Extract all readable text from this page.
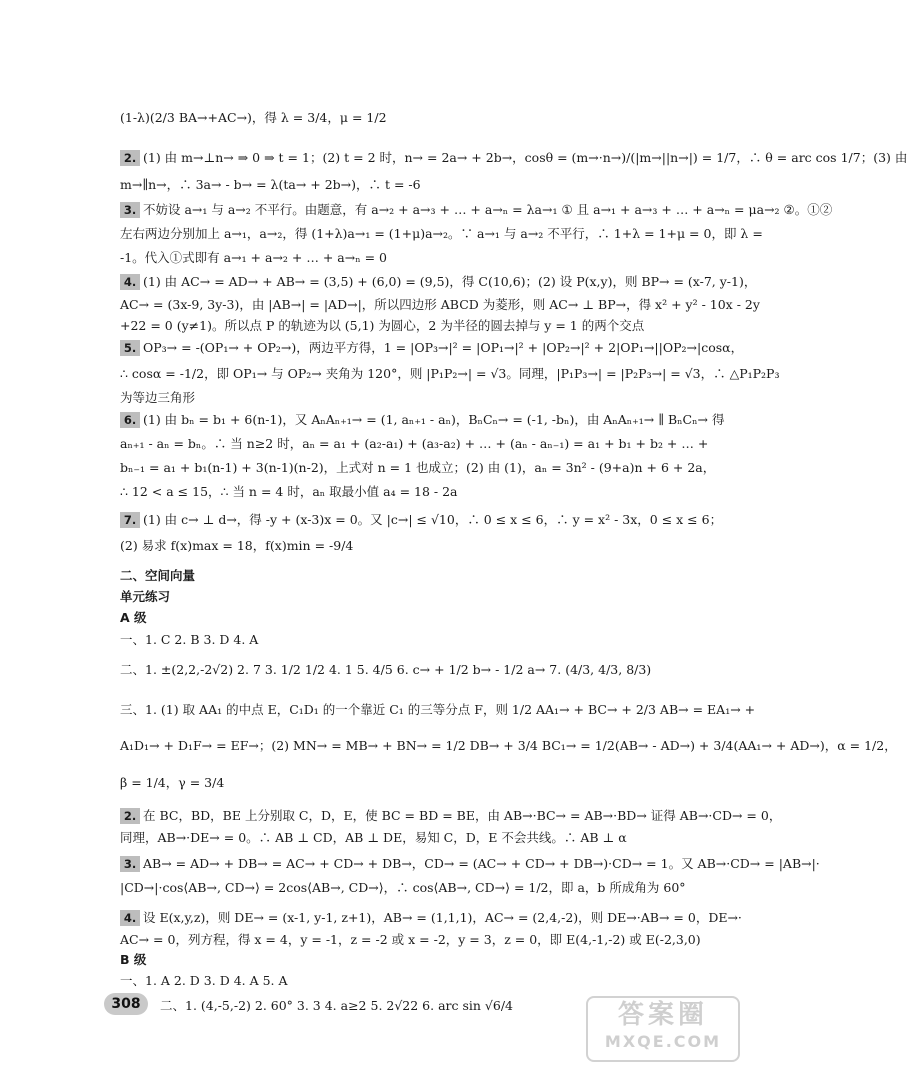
(1-λ)(2/3 BA→+AC→)，得 λ = 3/4，μ = 1/2
2. (1) 由 m→⊥n→ ⇒ 0 ⇒ t = 1；(2) t = 2 时，n→ = 2a→ + 2b→，cosθ = (m→·n→)/(|m→||n→|) = 1/7，∴ θ = arc cos 1/7；(3) 由
m→∥n→，∴ 3a→ - b→ = λ(ta→ + 2b→)，∴ t = -6
3. 不妨设 a→₁ 与 a→₂ 不平行。由题意，有 a→₂ + a→₃ + … + a→ₙ = λa→₁ ① 且 a→₁ + a→₃ + … + a→ₙ = μa→₂ ②。①②
左右两边分别加上 a→₁，a→₂，得 (1+λ)a→₁ = (1+μ)a→₂。∵ a→₁ 与 a→₂ 不平行，∴ 1+λ = 1+μ = 0，即 λ =
-1。代入①式即有 a→₁ + a→₂ + … + a→ₙ = 0
4. (1) 由 AC→ = AD→ + AB→ = (3,5) + (6,0) = (9,5)，得 C(10,6)；(2) 设 P(x,y)，则 BP→ = (x-7, y-1)，
AC→ = (3x-9, 3y-3)，由 |AB→| = |AD→|，所以四边形 ABCD 为菱形，则 AC→ ⊥ BP→，得 x² + y² - 10x - 2y
+22 = 0 (y≠1)。所以点 P 的轨迹为以 (5,1) 为圆心，2 为半径的圆去掉与 y = 1 的两个交点
5. OP₃→ = -(OP₁→ + OP₂→)，两边平方得，1 = |OP₃→|² = |OP₁→|² + |OP₂→|² + 2|OP₁→||OP₂→|cosα，
∴ cosα = -1/2，即 OP₁→ 与 OP₂→ 夹角为 120°，则 |P₁P₂→| = √3。同理，|P₁P₃→| = |P₂P₃→| = √3，∴ △P₁P₂P₃
为等边三角形
6. (1) 由 bₙ = b₁ + 6(n-1)，又 AₙAₙ₊₁→ = (1, aₙ₊₁ - aₙ)，BₙCₙ→ = (-1, -bₙ)，由 AₙAₙ₊₁→ ∥ BₙCₙ→ 得
aₙ₊₁ - aₙ = bₙ。∴ 当 n≥2 时，aₙ = a₁ + (a₂-a₁) + (a₃-a₂) + … + (aₙ - aₙ₋₁) = a₁ + b₁ + b₂ + … +
bₙ₋₁ = a₁ + b₁(n-1) + 3(n-1)(n-2)，上式对 n = 1 也成立；(2) 由 (1)，aₙ = 3n² - (9+a)n + 6 + 2a，
∴ 12 < a ≤ 15，∴ 当 n = 4 时，aₙ 取最小值 a₄ = 18 - 2a
7. (1) 由 c→ ⊥ d→，得 -y + (x-3)x = 0。又 |c→| ≤ √10，∴ 0 ≤ x ≤ 6，∴ y = x² - 3x，0 ≤ x ≤ 6；
(2) 易求 f(x)max = 18，f(x)min = -9/4
二、空间向量
单元练习
A 级
一、1. C 2. B 3. D 4. A
二、1. ±(2,2,-2√2) 2. 7 3. 1/2 1/2 4. 1 5. 4/5 6. c→ + 1/2 b→ - 1/2 a→ 7. (4/3, 4/3, 8/3)
三、1. (1) 取 AA₁ 的中点 E，C₁D₁ 的一个靠近 C₁ 的三等分点 F，则 1/2 AA₁→ + BC→ + 2/3 AB→ = EA₁→ +
A₁D₁→ + D₁F→ = EF→；(2) MN→ = MB→ + BN→ = 1/2 DB→ + 3/4 BC₁→ = 1/2(AB→ - AD→) + 3/4(AA₁→ + AD→)，α = 1/2，
β = 1/4，γ = 3/4
2. 在 BC，BD，BE 上分别取 C，D，E，使 BC = BD = BE，由 AB→·BC→ = AB→·BD→ 证得 AB→·CD→ = 0，
同理，AB→·DE→ = 0。∴ AB ⊥ CD，AB ⊥ DE，易知 C，D，E 不会共线。∴ AB ⊥ α
3. AB→ = AD→ + DB→ = AC→ + CD→ + DB→，CD→ = (AC→ + CD→ + DB→)·CD→ = 1。又 AB→·CD→ = |AB→|·
|CD→|·cos⟨AB→, CD→⟩ = 2cos⟨AB→, CD→⟩，∴ cos⟨AB→, CD→⟩ = 1/2，即 a，b 所成角为 60°
4. 设 E(x,y,z)，则 DE→ = (x-1, y-1, z+1)，AB→ = (1,1,1)，AC→ = (2,4,-2)，则 DE→·AB→ = 0，DE→·
AC→ = 0，列方程，得 x = 4，y = -1，z = -2 或 x = -2，y = 3，z = 0，即 E(4,-1,-2) 或 E(-2,3,0)
B 级
一、1. A 2. D 3. D 4. A 5. A
二、1. (4,-5,-2) 2. 60° 3. 3 4. a≥2 5. 2√22 6. arc sin √6/4
308	答案圈
MXQE.COM
